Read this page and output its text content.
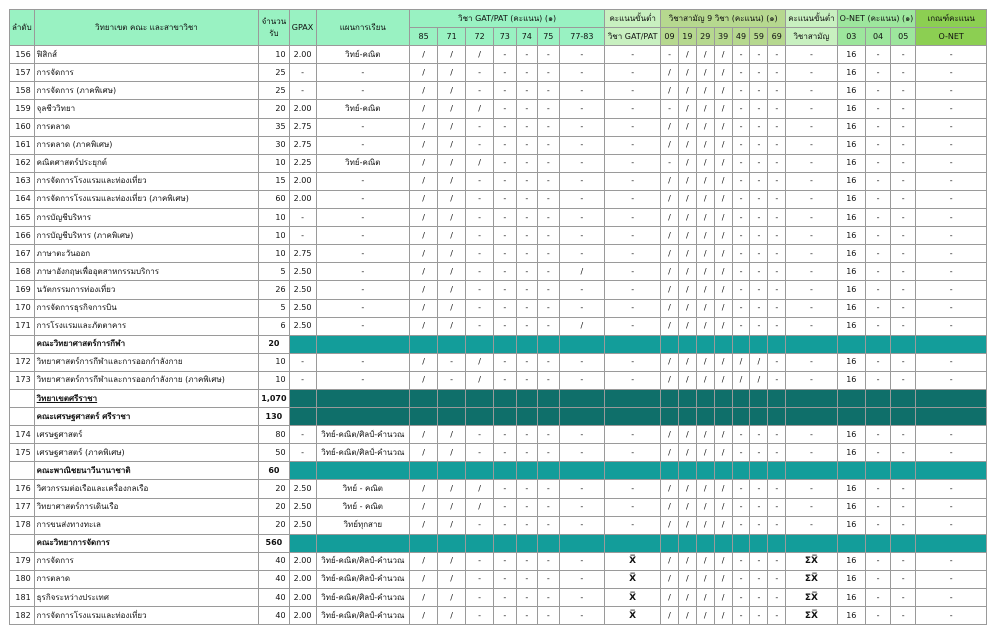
ลำดับ	วิทยาเขต คณะ และสาขาวิชา	จำนวนรับ	GPAX	แผนการเรียน	วิชา GAT/PAT (คะแนน) (๑)							คะแนนขั้นต่ำ	วิชาสามัญ 9 วิชา (คะแนน) (๑)							คะแนนขั้นต่ำ	O-NET (คะแนน) (๑)			เกณฑ์คะแนน
					85	71	72	73	74	75	77-83	วิชา GAT/PAT	09	19	29	39	49	59	69	วิชาสามัญ	03	04	05	O-NET
156	ฟิสิกส์	10	2.00	วิทย์-คณิต	/	/	/	-	-	-	-	-	-	/	/	/	-	-	-	-	16	-	-	-
157	การจัดการ	25	-	-	/	/	-	-	-	-	-	-	/	/	/	/	-	-	-	-	16	-	-	-
158	การจัดการ (ภาคพิเศษ)	25	-	-	/	/	-	-	-	-	-	-	/	/	/	/	-	-	-	-	16	-	-	-
159	จุลชีววิทยา	20	2.00	วิทย์-คณิต	/	/	/	-	-	-	-	-	-	/	/	/	-	-	-	-	16	-	-	-
160	การตลาด	35	2.75	-	/	/	-	-	-	-	-	-	/	/	/	/	-	-	-	-	16	-	-	-
161	การตลาด (ภาคพิเศษ)	30	2.75	-	/	/	-	-	-	-	-	-	/	/	/	/	-	-	-	-	16	-	-	-
162	คณิตศาสตร์ประยุกต์	10	2.25	วิทย์-คณิต	/	/	/	-	-	-	-	-	-	/	/	/	-	-	-	-	16	-	-	-
163	การจัดการโรงแรมและท่องเที่ยว	15	2.00	-	/	/	-	-	-	-	-	-	/	/	/	/	-	-	-	-	16	-	-	-
164	การจัดการโรงแรมและท่องเที่ยว (ภาคพิเศษ)	60	2.00	-	/	/	-	-	-	-	-	-	/	/	/	/	-	-	-	-	16	-	-	-
165	การบัญชีบริหาร	10	-	-	/	/	-	-	-	-	-	-	/	/	/	/	-	-	-	-	16	-	-	-
166	การบัญชีบริหาร (ภาคพิเศษ)	10	-	-	/	/	-	-	-	-	-	-	/	/	/	/	-	-	-	-	16	-	-	-
167	ภาษาตะวันออก	10	2.75	-	/	/	-	-	-	-	-	-	/	/	/	/	-	-	-	-	16	-	-	-
168	ภาษาอังกฤษเพื่ออุตสาหกรรมบริการ	5	2.50	-	/	/	-	-	-	-	/	-	/	/	/	/	-	-	-	-	16	-	-	-
169	นวัตกรรมการท่องเที่ยว	26	2.50	-	/	/	-	-	-	-	-	-	/	/	/	/	-	-	-	-	16	-	-	-
170	การจัดการธุรกิจการบิน	5	2.50	-	/	/	-	-	-	-	-	-	/	/	/	/	-	-	-	-	16	-	-	-
171	การโรงแรมและภัตตาคาร	6	2.50	-	/	/	-	-	-	-	/	-	/	/	/	/	-	-	-	-	16	-	-	-
	คณะวิทยาศาสตร์การกีฬา	20																						
172	วิทยาศาสตร์การกีฬาและการออกกำลังกาย	10	-	-	/	-	/	-	-	-	-	-	/	/	/	/	/	/	-	-	16	-	-	-
173	วิทยาศาสตร์การกีฬาและการออกกำลังกาย (ภาคพิเศษ)	10	-	-	/	-	/	-	-	-	-	-	/	/	/	/	/	/	-	-	16	-	-	-
	วิทยาเขตศรีราชา	1,070																						
	คณะเศรษฐศาสตร์ ศรีราชา	130																						
174	เศรษฐศาสตร์	80	-	วิทย์-คณิต/ศิลป์-คำนวณ	/	/	-	-	-	-	-	-	/	/	/	/	-	-	-	-	16	-	-	-
175	เศรษฐศาสตร์ (ภาคพิเศษ)	50	-	วิทย์-คณิต/ศิลป์-คำนวณ	/	/	-	-	-	-	-	-	/	/	/	/	-	-	-	-	16	-	-	-
	คณะพาณิชยนาวีนานาชาติ	60																						
176	วิศวกรรมต่อเรือและเครื่องกลเรือ	20	2.50	วิทย์ - คณิต	/	/	/	-	-	-	-	-	/	/	/	/	-	-	-	-	16	-	-	-
177	วิทยาศาสตร์การเดินเรือ	20	2.50	วิทย์ - คณิต	/	/	/	-	-	-	-	-	/	/	/	/	-	-	-	-	16	-	-	-
178	การขนส่งทางทะเล	20	2.50	วิทย์ทุกสาย	/	/	-	-	-	-	-	-	/	/	/	/	-	-	-	-	16	-	-	-
	คณะวิทยาการจัดการ	560																						
179	การจัดการ	40	2.00	วิทย์-คณิต/ศิลป์-คำนวณ	/	/	-	-	-	-	-	X̅	/	/	/	/	-	-	-	ΣX̅	16	-	-	-
180	การตลาด	40	2.00	วิทย์-คณิต/ศิลป์-คำนวณ	/	/	-	-	-	-	-	X̅	/	/	/	/	-	-	-	ΣX̅	16	-	-	-
181	ธุรกิจระหว่างประเทศ	40	2.00	วิทย์-คณิต/ศิลป์-คำนวณ	/	/	-	-	-	-	-	X̅	/	/	/	/	-	-	-	ΣX̅	16	-	-	-
182	การจัดการโรงแรมและท่องเที่ยว	40	2.00	วิทย์-คณิต/ศิลป์-คำนวณ	/	/	-	-	-	-	-	X̅	/	/	/	/	-	-	-	ΣX̅	16	-	-	-
